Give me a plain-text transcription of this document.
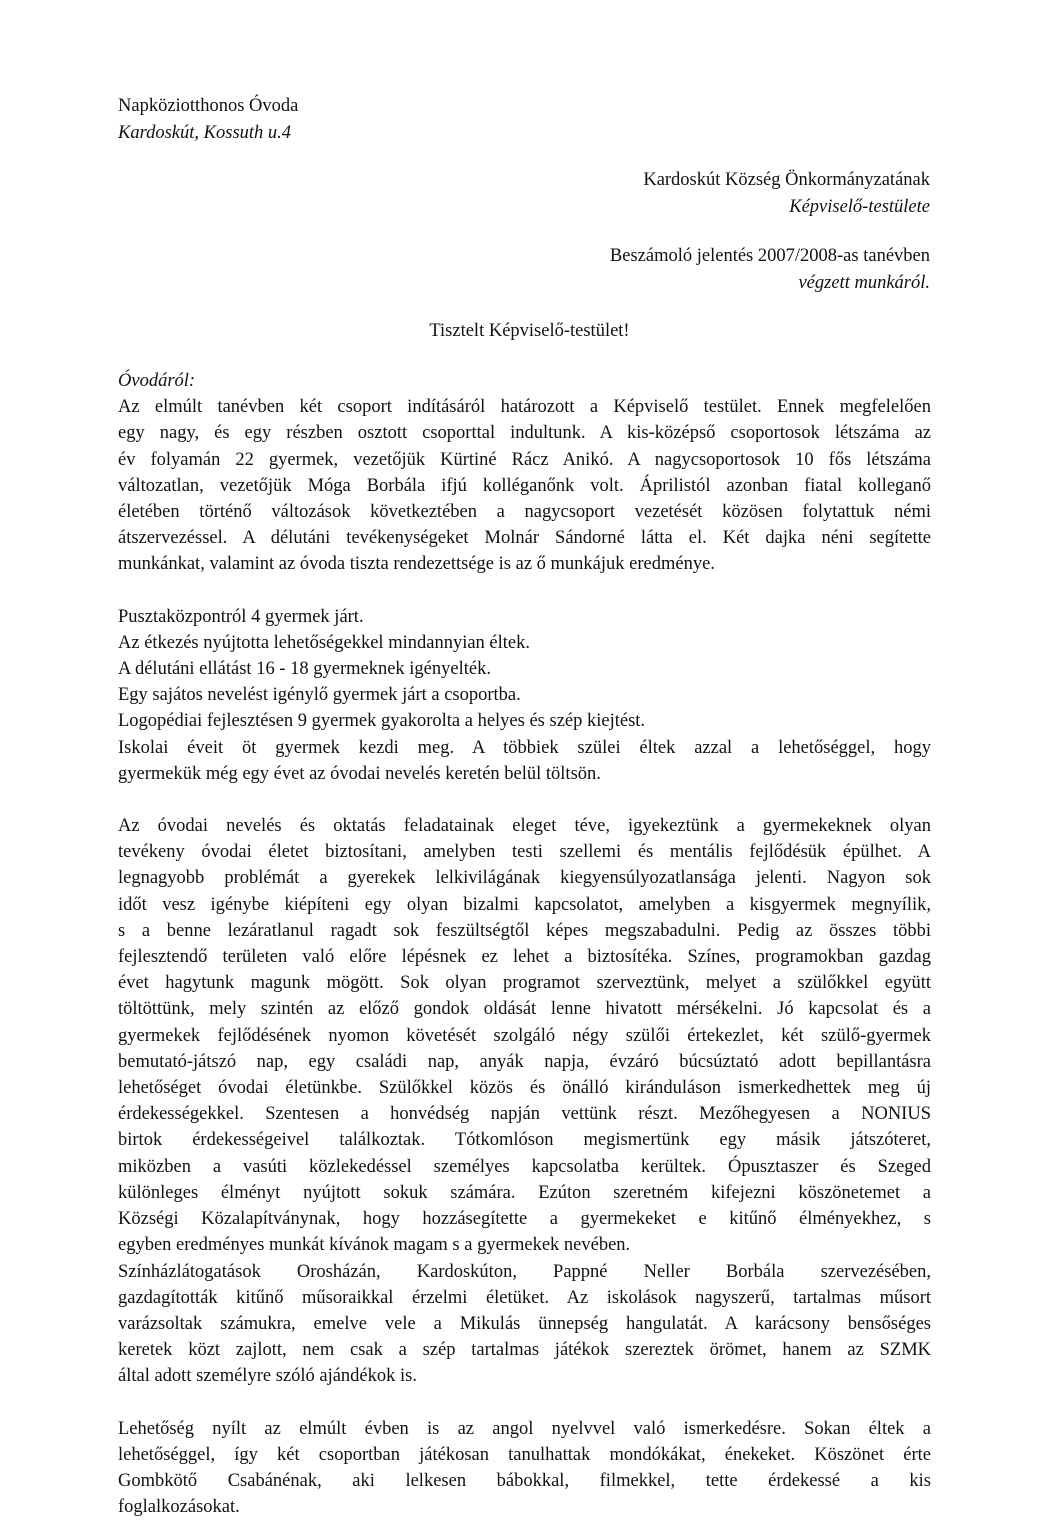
Napköziotthonos Óvoda
Kardoskút, Kossuth u.4
Kardoskút Község Önkormányzatának
Képviselő-testülete
Beszámoló jelentés 2007/2008-as tanévben
végzett munkáról.
Tisztelt Képviselő-testület!
Óvodáról:

Az elmúlt tanévben két csoport indításáról határozott a Képviselő testület. Ennek megfelelően
egy nagy, és egy részben osztott csoporttal indultunk. A kis-középső csoportosok létszáma az
év folyamán 22 gyermek, vezetőjük Kürtiné Rácz Anikó. A nagycsoportosok 10 fős létszáma
változatlan, vezetőjük Móga Borbála ifjú kolléganőnk volt. Áprilistól azonban fiatal kolleganő
életében történő változások következtében a nagycsoport vezetését közösen folytattuk némi
átszervezéssel. A délutáni tevékenységeket Molnár Sándorné látta el. Két dajka néni segítette
munkánkat, valamint az óvoda tiszta rendezettsége is az ő munkájuk eredménye.

Pusztaközpontról 4 gyermek járt.
Az étkezés nyújtotta lehetőségekkel mindannyian éltek.
A délutáni ellátást 16 - 18 gyermeknek igényelték.
Egy sajátos nevelést igénylő gyermek járt a csoportba.
Logopédiai fejlesztésen 9 gyermek gyakorolta a helyes és szép kiejtést.
Iskolai éveit öt gyermek kezdi meg. A többiek szülei éltek azzal a lehetőséggel, hogy
gyermekük még egy évet az óvodai nevelés keretén belül töltsön.

Az óvodai nevelés és oktatás feladatainak eleget téve, igyekeztünk a gyermekeknek olyan
tevékeny óvodai életet biztosítani, amelyben testi szellemi és mentális fejlődésük épülhet. A
legnagyobb problémát a gyerekek lelkivilágának kiegyensúlyozatlansága jelenti. Nagyon sok
időt vesz igénybe kiépíteni egy olyan bizalmi kapcsolatot, amelyben a kisgyermek megnyílik,
s a benne lezáratlanul ragadt sok feszültségtől képes megszabadulni. Pedig az összes többi
fejlesztendő területen való előre lépésnek ez lehet a biztosítéka. Színes, programokban gazdag
évet hagytunk magunk mögött. Sok olyan programot szerveztünk, melyet a szülőkkel együtt
töltöttünk, mely szintén az előző gondok oldását lenne hivatott mérsékelni. Jó kapcsolat és a
gyermekek fejlődésének nyomon követését szolgáló négy szülői értekezlet, két szülő-gyermek
bemutató-játszó nap, egy családi nap, anyák napja, évzáró búcsúztató adott bepillantásra
lehetőséget óvodai életünkbe. Szülőkkel közös és önálló kiránduláson ismerkedhettek meg új
érdekességekkel. Szentesen a honvédség napján vettünk részt. Mezőhegyesen a NONIUS
birtok érdekességeivel találkoztak. Tótkomlóson megismertünk egy másik játszóteret,
miközben a vasúti közlekedéssel személyes kapcsolatba kerültek. Ópusztaszer és Szeged
különleges élményt nyújtott sokuk számára. Ezúton szeretném kifejezni köszönetemet a
Községi Közalapítványnak, hogy hozzásegítette a gyermekeket e kitűnő élményekhez, s
egyben eredményes munkát kívánok magam s a gyermekek nevében.
Színházlátogatások Orosházán, Kardoskúton, Pappné Neller Borbála szervezésében,
gazdagították kitűnő műsoraikkal érzelmi életüket. Az iskolások nagyszerű, tartalmas műsort
varázsoltak számukra, emelve vele a Mikulás ünnepség hangulatát. A karácsony bensőséges
keretek közt zajlott, nem csak a szép tartalmas játékok szereztek örömet, hanem az SZMK
által adott személyre szóló ajándékok is.

Lehetőség nyílt az elmúlt évben is az angol nyelvvel való ismerkedésre. Sokan éltek a
lehetőséggel, így két csoportban játékosan tanulhattak mondókákat, énekeket. Köszönet érte
Gombkötő Csabánénak, aki lelkesen bábokkal, filmekkel, tette érdekessé a kis
foglalkozásokat.
